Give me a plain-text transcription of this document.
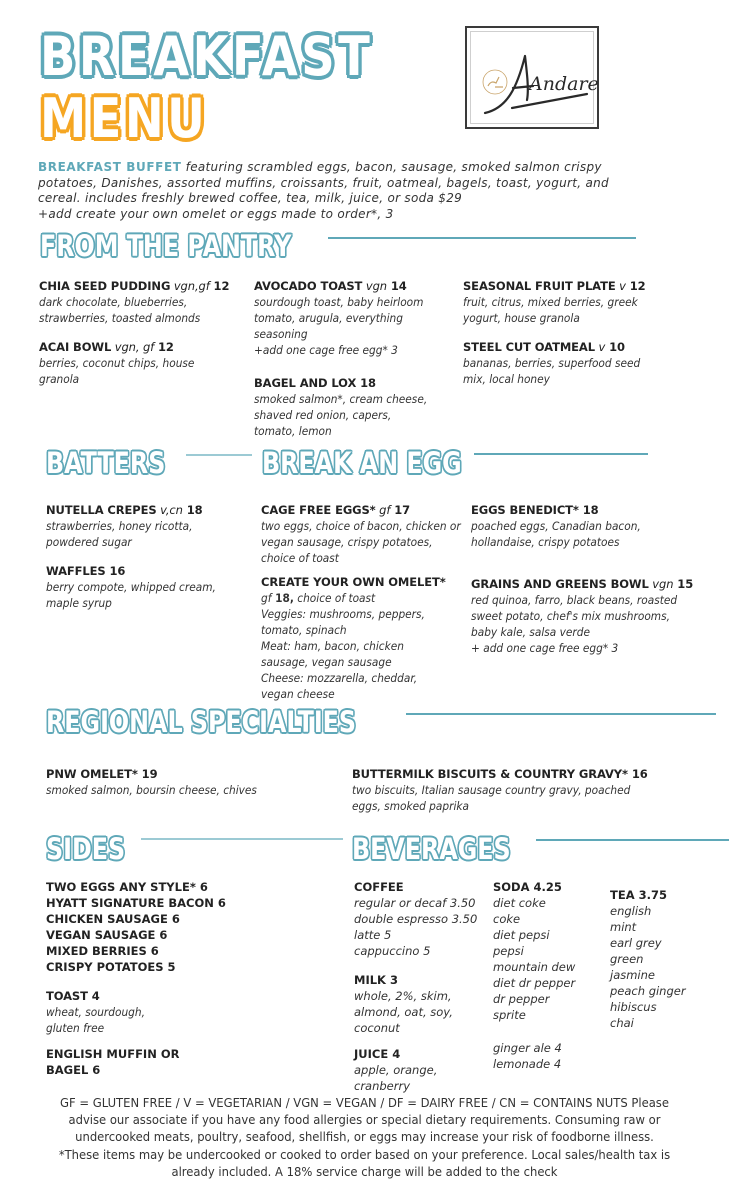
BREAKFAST
MENU
Andare
BREAKFAST BUFFET featuring scrambled eggs, bacon, sausage, smoked salmon crispy
potatoes, Danishes, assorted muffins, croissants, fruit, oatmeal, bagels, toast, yogurt, and
cereal. includes freshly brewed coffee, tea, milk, juice, or soda $29
+add create your own omelet or eggs made to order*, 3
FROM THE PANTRY
CHIA SEED PUDDING vgn,gf 12
dark chocolate, blueberries,
strawberries, toasted almonds
ACAI BOWL vgn, gf 12
berries, coconut chips, house
granola
AVOCADO TOAST vgn 14
sourdough toast, baby heirloom
tomato, arugula, everything
seasoning
+add one cage free egg* 3
BAGEL AND LOX 18
smoked salmon*, cream cheese,
shaved red onion, capers,
tomato, lemon
SEASONAL FRUIT PLATE v 12
fruit, citrus, mixed berries, greek
yogurt, house granola
STEEL CUT OATMEAL v 10
bananas, berries, superfood seed
mix, local honey
BATTERS	BREAK AN EGG
NUTELLA CREPES v,cn 18
strawberries, honey ricotta,
powdered sugar
WAFFLES 16
berry compote, whipped cream,
maple syrup
CAGE FREE EGGS* gf 17
two eggs, choice of bacon, chicken or
vegan sausage, crispy potatoes,
choice of toast
CREATE YOUR OWN OMELET*
gf 18, choice of toast
Veggies: mushrooms, peppers,
tomato, spinach
Meat: ham, bacon, chicken
sausage, vegan sausage
Cheese: mozzarella, cheddar,
vegan cheese
EGGS BENEDICT* 18
poached eggs, Canadian bacon,
hollandaise, crispy potatoes
GRAINS AND GREENS BOWL vgn 15
red quinoa, farro, black beans, roasted
sweet potato, chef's mix mushrooms,
baby kale, salsa verde
+ add one cage free egg* 3
REGIONAL SPECIALTIES
PNW OMELET* 19
smoked salmon, boursin cheese, chives
BUTTERMILK BISCUITS & COUNTRY GRAVY* 16
two biscuits, Italian sausage country gravy, poached
eggs, smoked paprika
SIDES	BEVERAGES
TWO EGGS ANY STYLE* 6
HYATT SIGNATURE BACON 6
CHICKEN SAUSAGE 6
VEGAN SAUSAGE 6
MIXED BERRIES 6
CRISPY POTATOES 5
TOAST 4
wheat, sourdough,
gluten free
ENGLISH MUFFIN OR
BAGEL 6
COFFEE
regular or decaf 3.50
double espresso 3.50
latte 5
cappuccino 5
MILK 3
whole, 2%, skim,
almond, oat, soy,
coconut
JUICE 4
apple, orange,
cranberry
SODA 4.25
diet coke
coke
diet pepsi
pepsi
mountain dew
diet dr pepper
dr pepper
sprite
ginger ale 4
lemonade 4
TEA 3.75
english
mint
earl grey
green
jasmine
peach ginger
hibiscus
chai
GF = GLUTEN FREE / V = VEGETARIAN / VGN = VEGAN / DF = DAIRY FREE / CN = CONTAINS NUTS Please
advise our associate if you have any food allergies or special dietary requirements. Consuming raw or
undercooked meats, poultry, seafood, shellfish, or eggs may increase your risk of foodborne illness.
*These items may be undercooked or cooked to order based on your preference. Local sales/health tax is
already included. A 18% service charge will be added to the check
